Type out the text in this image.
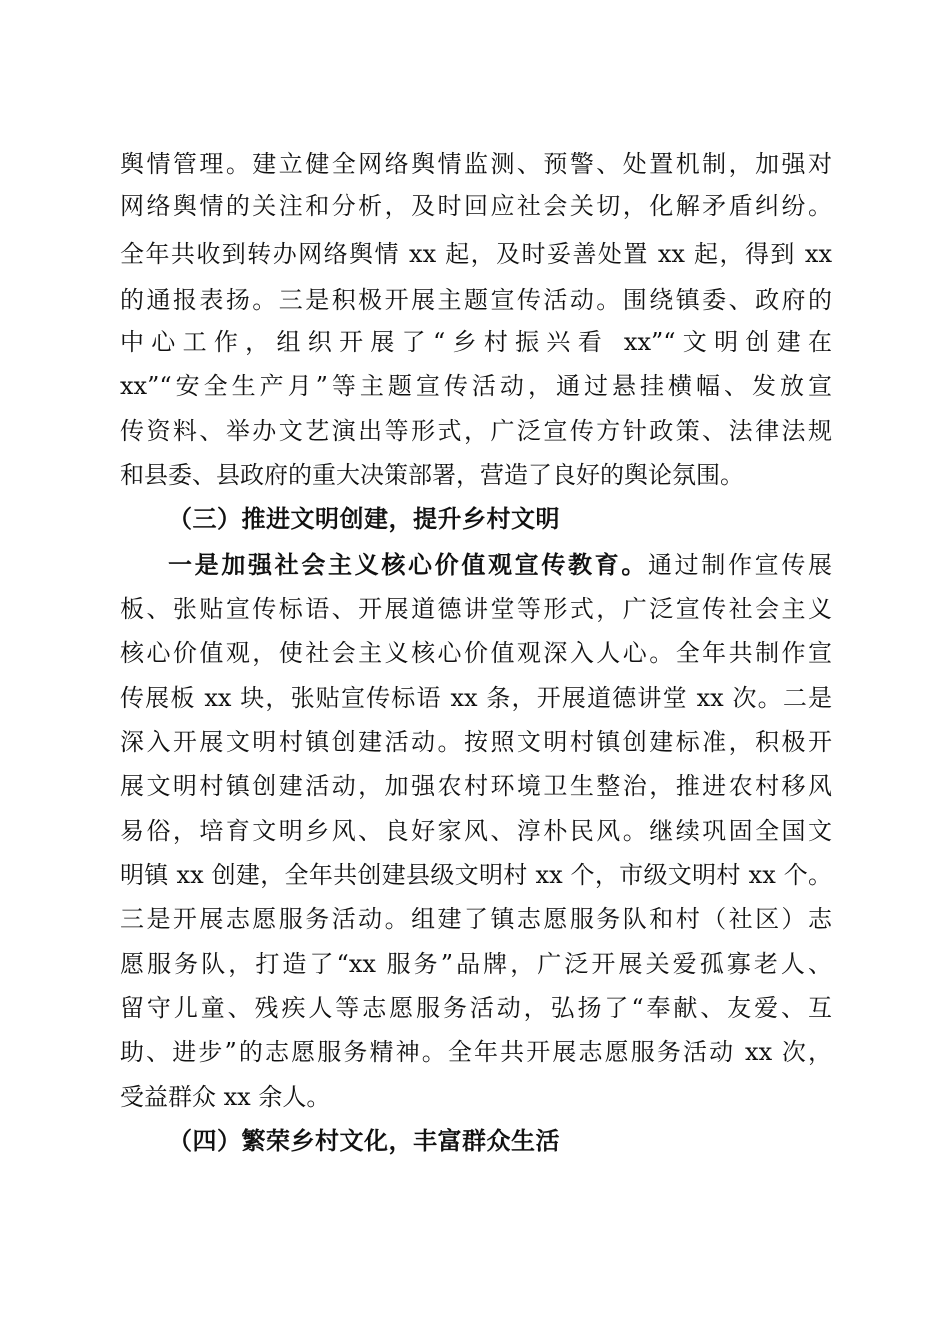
舆情管理。建立健全网络舆情监测、预警、处置机制，加强对
网络舆情的关注和分析，及时回应社会关切，化解矛盾纠纷。
全年共收到转办网络舆情 xx 起，及时妥善处置 xx 起，得到 xx
的通报表扬。三是积极开展主题宣传活动。围绕镇委、政府的
中心工作，组织开展了“乡村振兴看 xx”“文明创建在
xx”“安全生产月”等主题宣传活动，通过悬挂横幅、发放宣
传资料、举办文艺演出等形式，广泛宣传方针政策、法律法规
和县委、县政府的重大决策部署，营造了良好的舆论氛围。
（三）推进文明创建，提升乡村文明
一是加强社会主义核心价值观宣传教育。通过制作宣传展
板、张贴宣传标语、开展道德讲堂等形式，广泛宣传社会主义
核心价值观，使社会主义核心价值观深入人心。全年共制作宣
传展板 xx 块，张贴宣传标语 xx 条，开展道德讲堂 xx 次。二是
深入开展文明村镇创建活动。按照文明村镇创建标准，积极开
展文明村镇创建活动，加强农村环境卫生整治，推进农村移风
易俗，培育文明乡风、良好家风、淳朴民风。继续巩固全国文
明镇 xx 创建，全年共创建县级文明村 xx 个，市级文明村 xx 个。
三是开展志愿服务活动。组建了镇志愿服务队和村（社区）志
愿服务队，打造了“xx 服务”品牌，广泛开展关爱孤寡老人、
留守儿童、残疾人等志愿服务活动，弘扬了“奉献、友爱、互
助、进步”的志愿服务精神。全年共开展志愿服务活动 xx 次，
受益群众 xx 余人。
（四）繁荣乡村文化，丰富群众生活
